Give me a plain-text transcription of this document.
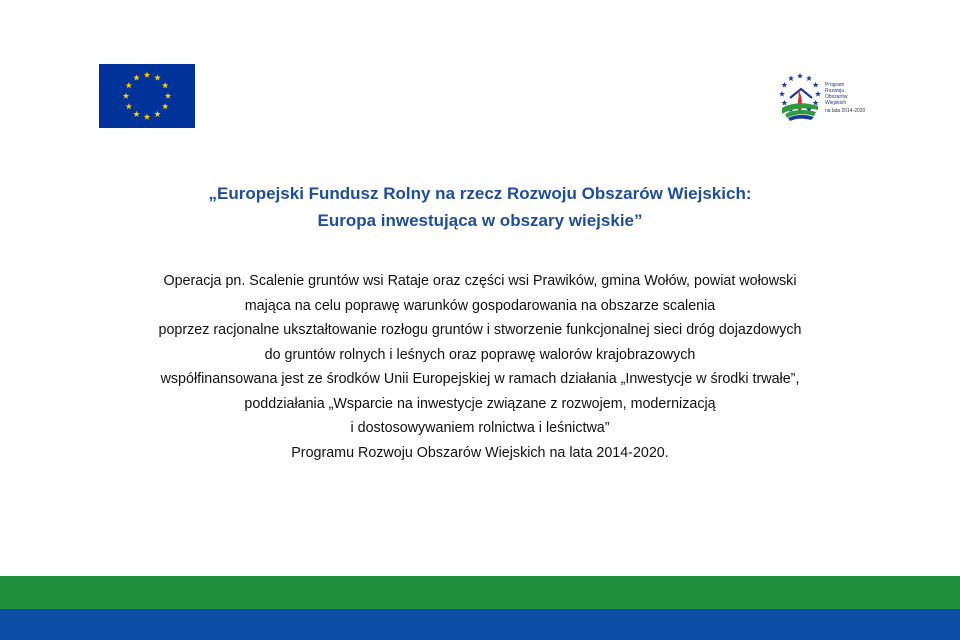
Program
Rozwoju
Obszarów
Wiejskich
na lata 2014-2020
„Europejski Fundusz Rolny na rzecz Rozwoju Obszarów Wiejskich:
Europa inwestująca w obszary wiejskie”
Operacja pn. Scalenie gruntów wsi Rataje oraz części wsi Prawików, gmina Wołów, powiat wołowski
mająca na celu poprawę warunków gospodarowania na obszarze scalenia
poprzez racjonalne ukształtowanie rozłogu gruntów i stworzenie funkcjonalnej sieci dróg dojazdowych
do gruntów rolnych i leśnych oraz poprawę walorów krajobrazowych
współfinansowana jest ze środków Unii Europejskiej w ramach działania „Inwestycje w środki trwałe”,
poddziałania „Wsparcie na inwestycje związane z rozwojem, modernizacją
i dostosowywaniem rolnictwa i leśnictwa”
Programu Rozwoju Obszarów Wiejskich na lata 2014-2020.
